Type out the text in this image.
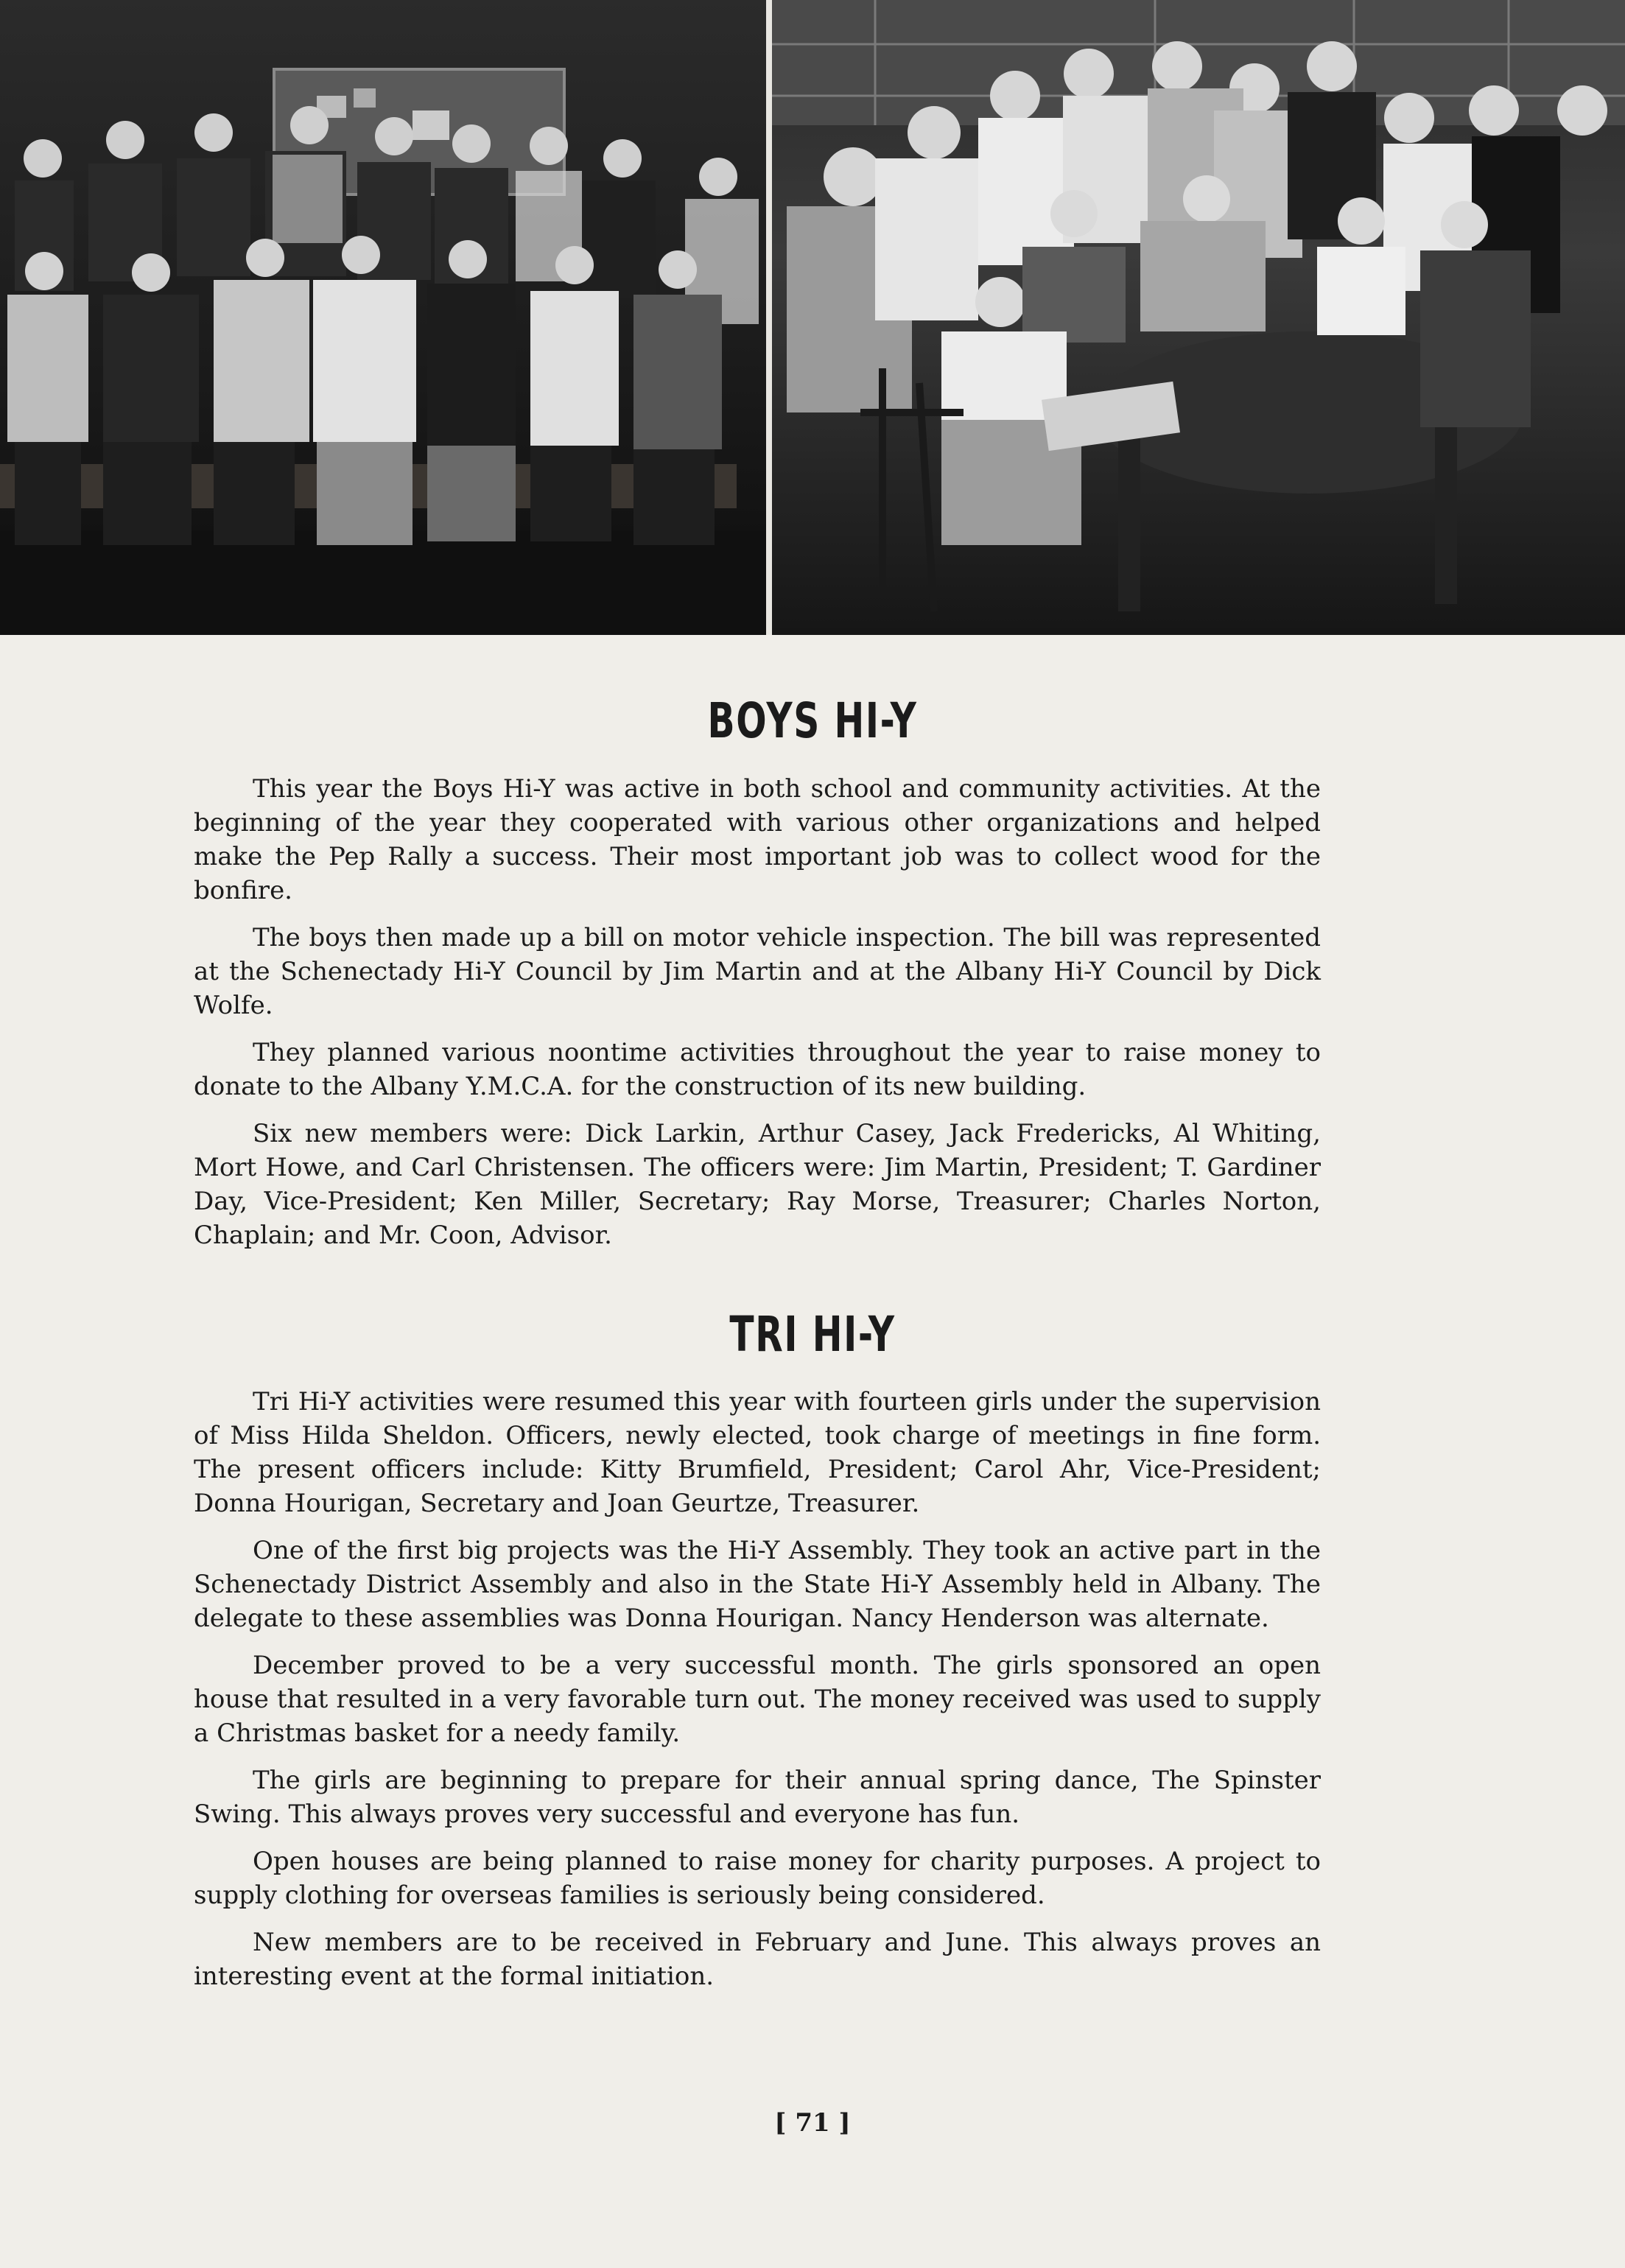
BOYS HI-Y

This year the Boys Hi-Y was active in both school and community activities. At the beginning of the year they cooperated with various other organizations and helped make the Pep Rally a success. Their most important job was to collect wood for the bonfire.

The boys then made up a bill on motor vehicle inspection. The bill was represented at the Schenectady Hi-Y Council by Jim Martin and at the Albany Hi-Y Council by Dick Wolfe.

They planned various noontime activities throughout the year to raise money to donate to the Albany Y.M.C.A. for the construction of its new building.

Six new members were: Dick Larkin, Arthur Casey, Jack Fredericks, Al Whiting, Mort Howe, and Carl Christensen. The officers were: Jim Martin, President; T. Gardiner Day, Vice-President; Ken Miller, Secretary; Ray Morse, Treasurer; Charles Norton, Chaplain; and Mr. Coon, Advisor.

TRI HI-Y

Tri Hi-Y activities were resumed this year with fourteen girls under the supervision of Miss Hilda Sheldon. Officers, newly elected, took charge of meetings in fine form. The present officers include: Kitty Brumfield, President; Carol Ahr, Vice-President; Donna Hourigan, Secretary and Joan Geurtze, Treasurer.

One of the first big projects was the Hi-Y Assembly. They took an active part in the Schenectady District Assembly and also in the State Hi-Y Assembly held in Albany. The delegate to these assemblies was Donna Hourigan. Nancy Henderson was alternate.

December proved to be a very successful month. The girls sponsored an open house that resulted in a very favorable turn out. The money received was used to supply a Christmas basket for a needy family.

The girls are beginning to prepare for their annual spring dance, The Spinster Swing. This always proves very successful and everyone has fun.

Open houses are being planned to raise money for charity purposes. A project to supply clothing for overseas families is seriously being considered.

New members are to be received in February and June. This always proves an interesting event at the formal initiation.

[ 71 ]
